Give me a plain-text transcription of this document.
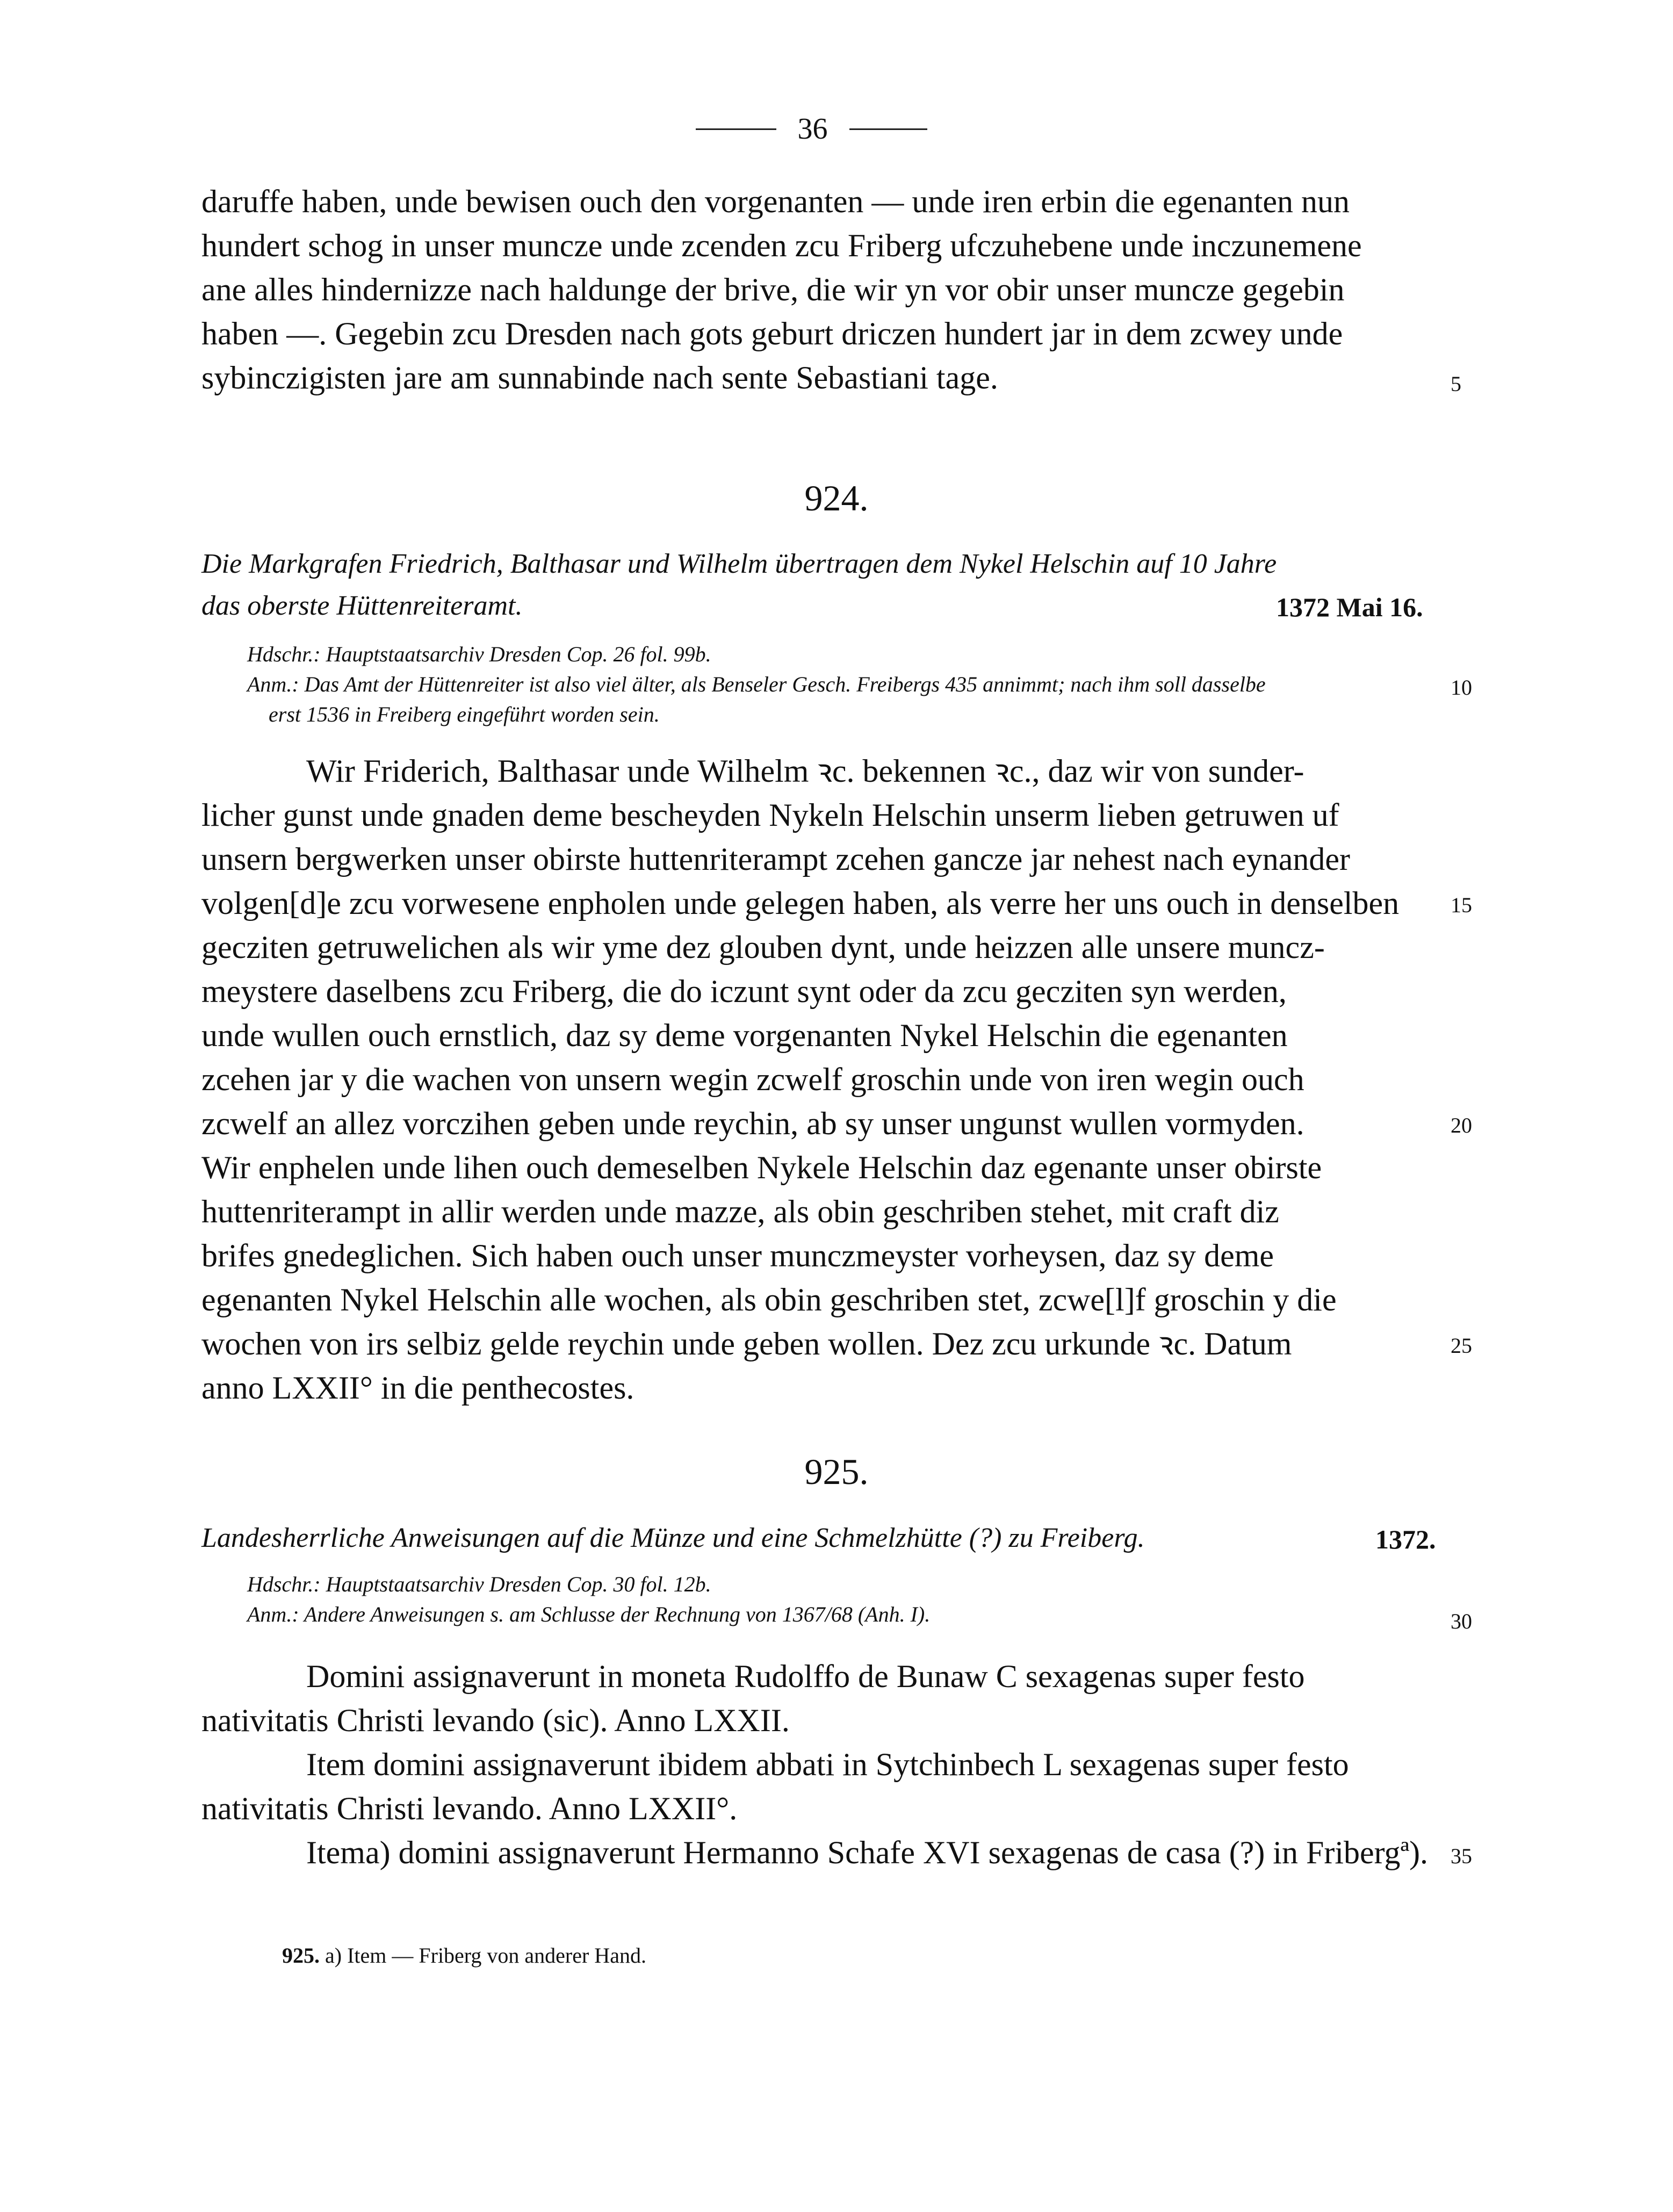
36
daruffe haben, unde bewisen ouch den vorgenanten — unde iren erbin die egenanten nun
hundert schog in unser muncze unde zcenden zcu Friberg ufczuhebene unde inczunemene
ane alles hindernizze nach haldunge der brive, die wir yn vor obir unser muncze gegebin
haben —. Gegebin zcu Dresden nach gots geburt driczen hundert jar in dem zcwey unde
sybinczigisten jare am sunnabinde nach sente Sebastiani tage.
924.
Die Markgrafen Friedrich, Balthasar und Wilhelm übertragen dem Nykel Helschin auf 10 Jahre
das oberste Hüttenreiteramt.	1372 Mai 16.
Hdschr.: Hauptstaatsarchiv Dresden Cop. 26 fol. 99b.
Anm.: Das Amt der Hüttenreiter ist also viel älter, als Benseler Gesch. Freibergs 435 annimmt; nach ihm soll dasselbe
erst 1536 in Freiberg eingeführt worden sein.
Wir Friderich, Balthasar unde Wilhelm ꝛc. bekennen ꝛc., daz wir von sunder-
licher gunst unde gnaden deme bescheyden Nykeln Helschin unserm lieben getruwen uf
unsern bergwerken unser obirste huttenriterampt zcehen gancze jar nehest nach eynander
volgen[d]e zcu vorwesene enpholen unde gelegen haben, als verre her uns ouch in denselben
gecziten getruwelichen als wir yme dez glouben dynt, unde heizzen alle unsere muncz-
meystere daselbens zcu Friberg, die do iczunt synt oder da zcu gecziten syn werden,
unde wullen ouch ernstlich, daz sy deme vorgenanten Nykel Helschin die egenanten
zcehen jar y die wachen von unsern wegin zcwelf groschin unde von iren wegin ouch
zcwelf an allez vorczihen geben unde reychin, ab sy unser ungunst wullen vormyden.
Wir enphelen unde lihen ouch demeselben Nykele Helschin daz egenante unser obirste
huttenriterampt in allir werden unde mazze, als obin geschriben stehet, mit craft diz
brifes gnedeglichen. Sich haben ouch unser munczmeyster vorheysen, daz sy deme
egenanten Nykel Helschin alle wochen, als obin geschriben stet, zcwe[l]f groschin y die
wochen von irs selbiz gelde reychin unde geben wollen. Dez zcu urkunde ꝛc. Datum
anno LXXII° in die penthecostes.
925.
Landesherrliche Anweisungen auf die Münze und eine Schmelzhütte (?) zu Freiberg.	1372.
Hdschr.: Hauptstaatsarchiv Dresden Cop. 30 fol. 12b.
Anm.: Andere Anweisungen s. am Schlusse der Rechnung von 1367/68 (Anh. I).
Domini assignaverunt in moneta Rudolffo de Bunaw C sexagenas super festo
nativitatis Christi levando (sic). Anno LXXII.
Item domini assignaverunt ibidem abbati in Sytchinbech L sexagenas super festo
nativitatis Christi levando. Anno LXXII°.
Itema) domini assignaverunt Hermanno Schafe XVI sexagenas de casa (?) in Fribergª).
5
10
15
20
25
30
35
925. a) Item — Friberg von anderer Hand.
